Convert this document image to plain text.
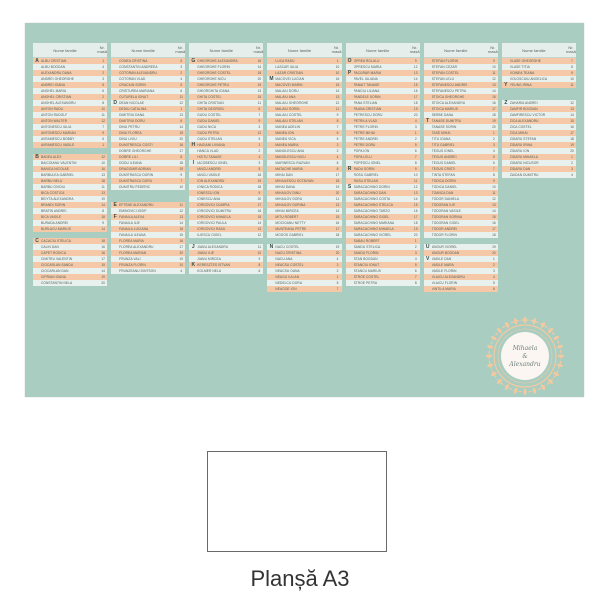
Nume familie	Nr. masă
A ALBU CRISTIAN	1
ALBU BOGDAN	4
ALEXANDRU DANA	2
ANDREI GHEORGHE	3
ANDREI IOANA	5
ANGHEL MARIA	6
ANGHEL CRISTIAN	2
ANGHEL ALEXANDRU	8
ANTON RADU	10
ANTON RUDOLF	11
ANTON WALTER	12
ANTONESCU IULIA	7
ANTONESCU MARIAN	9
AVRAMESCU BOBBY	5
AVRAMESCU VASILE	1
B BADEA ALEX	12
BAICOIANU VALENTIN	10
BANICA NICOLAE	16
BARBULEA GABRIEL	13
BARBU NELU	18
BARBU OVIDIU	11
BICA COSTICA	13
BEIYTA ALEXANDRA	19
BRANDI SORIN	14
BRATIN ANDREI	8
BICA VASILE	18
BURADA ANDREI	9
BURLACU MARIUS	14
C CACACIU STELICA	18
CALIN DAN	16
CAPET RODICA	16
CIMITRU VALENTIN	17
CIOCARLAN SANDU	15
CIOCARLAN DAN	14
CIPRIAN IOANA	19
CONSTANTIN NELA	20
Nume familie	Nr. masă
CONEA CRISTINA	5
CONSTANTIN ANDREEA	3
COTORAN ALEXANDRU	2
COTORAN VLAD	4
CRACIUN SORIN	5
CRISTUREA MARIANA	6
CUTURELA IONUT	11
D DEAN NICOLAE	12
DEDIU CATALINA	1
DIMITRIU DANA	13
DIMITRIU DORU	6
DINU PETRU	14
DINU FLOREA	15
DINU LIVIU	20
DUMITRESCU COSTI	16
DOBRE GHEORGHE	17
DOBRE LILI	8
DODU ILEANA	18
DRAGOMIR ADRIAN	19
DUMITRASCU DORIN	9
DUMITRASCU DORU	7
DUMITRU FEDERIC	10
E EFTENE ALEXANDRU	11
EMINOVICI IOSIF	12
F FANAILA ALEXA	13
FANAILA ILIE	14
FANAILA LUCIANA	18
FANAILA ILEANA	15
FLOREA MARIA	16
FLOREA ALEXANDRU	17
FLOREA MARIAN	20
FRUNZA VALI	19
FRUNZA FLORIN	10
FRUNZEANU DINTSON	4
Nume familie	Nr. masă
G GHEORGHE ALEXANDRA	16
GHEORGHE FLORIN	14
GHEORGHE COSTEL	18
GHEORGHE NICU	20
GHEORGHE PETRU	19
GHIORGHITA IOANA	13
GHITA COSTEL	15
GHITA CRISTIAN	11
GHITA GEORGEL	6
GUDU COSTEL	7
GUDU DANIEL	9
GUDU NICU	3
GUDU PETRU	12
GUDU STELIAN	5
H HAGIANI LIVIANA	1
HANCA VLAD	2
HOITU TANASE	4
I	IACOBESCU IONEL	3
IANCU ANDREI	5
IANCU VASILE	16
ION ALEXANDRU	19
IONICA RODICA	18
IONESCU ION	9
IONESCU ANA	20
IORGOVICI OLIMPIA	17
IORGOVICI DUMITRU	16
IORGOVICI MIHAELA	15
IORGOVICI PAULA	14
IORGOVICI RADU	13
ILIESCU GIGEL	12
J JIANU ALEXANDRU	11
JIANU ILIE	10
JIANU MIRCEA	9
K KERESZTES ISTVAN	8
KOLMER NELU	6
Nume familie	Nr. masă
LUCA RADU	1
LASCAR IULIA	10
LAZAR CRISTIAN	10
M MACOVEI LUCIAN	16
MACOVEI MARIN	15
MALAIU DORU	14
MALAIU ANA	13
MALAIU GHEORGHE	12
MALAIU SORIN	11
MALAIU COSTEL	9
MALAIU STELIAN	8
MANEA ADELIN	7
MANEA ION	6
MANEA VICA	5
MANEA MARIA	3
MANOLESCU ANA	2
MANOLESCU NICU	4
MARINESCU RAZVAN	6
MATACHE MARIA	8
MIHAI DAN	17
MIHAILESCU OCTAVIAN	18
MIHAI DANA	19
MIHAILOV DINU	20
MIHAILOV DORU	11
MIHAILOV DORINA	13
MIHAI MIRCEA	14
MITU ROBERT	15
MOCIOANU NETTY	16
MUNTEANU PETRE	17
MOGOS GABRIEL	18
N NACU COSTEL	19
NACU CRISTINA	20
NACU ANA	4
NEACSU COSTEL	3
NEACSU OANA	2
NEAGU IULIAN	1
NEDELCU DORU	5
NEAGOE ION	7
Nume familie	Nr. masă
O OPREA ROLULU	9
OPRESCU MARIA	12
P PACURAR MARIA	13
PAVEL IULIANA	14
PANAIT TANASE	15
PANCIU LILIANA	16
PANDELE SORIN	17
PANA STELIAN	18
PAUNA CRISTIAN	19
PETRESCU DORU	20
PETRILA VLAD	4
PETRE FLORIN	3
PETRE MIHAI	1
PETRE ANDREI	2
PETRE DORU	5
POPA ION	6
POPA LELU	7
POPESCU IONEL	8
R RADU SORIN	9
ROSU GABRIEL	10
RUSU STELIAN	11
S SARACACHINO DORIN	12
SARACACHINO DAN	13
SARACACHINO COSTA	14
SARACACHINO STELICA	15
SARACACHINO TARZO	16
SARACACHINO GIGEL	17
SARACACHINO MARIANA	18
SARACACHINO MIHAELA	19
SARACACHINO VIOREL	20
SABAU ROBERT	1
SANDU STELICA	2
SANDU FLORIN	3
STAN BOGDAN	4
STANCIU IONUT	5
STANCU MARIUS	6
STROE COSTEL	7
STROE PETRU	8
Nume familie	Nr. masă
STEFAN FLORIN	9
STEFAN CEZAR	10
STEFAN COSTEL	11
STEFAN LELU	12
STEFANESCU ANDREI	13
STEFANESCU PETRU	14
STOICA GHEORGHE	15
STOICA ALEXANDRU	16
STOICA MARIUS	17
SERBE DANA	18
T TANASE DUMITRU	19
TANASE SORIN	20
TASE MIHAI	1
TITU IOANA	2
TITU GABRIEL	3
TEGUS IONEL	4
TEGUS ANDREI	5
TEGUS DANIEL	6
TEGUS CRISTI	7
TINTA STEFAN	8
TODICA DORIN	9
TODICA DANIEL	10
TOANCA DAN	11
TODOR DANIELA	12
TODORAN ILIE	13
TODORAN VASILE	14
TODORAN SORINA	15
TODORAN GIGEL	16
TODOR ANDREI	17
TODOR FLORIN	18
U UNGUR VIOREL	19
UNGUR BOGDAN	20
V VASILE DAN	1
VASILE MARA	2
VASILE FLORIN	3
VLAICU ALEXANDRU	4
VLAICU FLORIN	5
VINTILA MARIA	6
Nume familie	Nr. masă
VLASE GHEORGHE	7
VLASE TITIA	8
VOINEA TEANA	9
VOLOSCUIU ANGELICA	10
Y YEUNG IRINA	11
Z ZAHARIA ANDREI	12
ZAMFIR BOGDAN	13
ZAMFIRESCU VICTOR	14
ZICA ALEXANDRU	15
ZICA COSTEL	16
ZICA MIHAI	17
ZIDARU STEFAN	18
ZIDARU IRINA	19
ZIDARU ION	20
ZIDARU MIHAELA	1
ZIDARU NICUSOR	2
ZIDARU DAN	3
ZAIDAN DUMITRU	4
Mihaela
&
Alexandru
Planșă A3
